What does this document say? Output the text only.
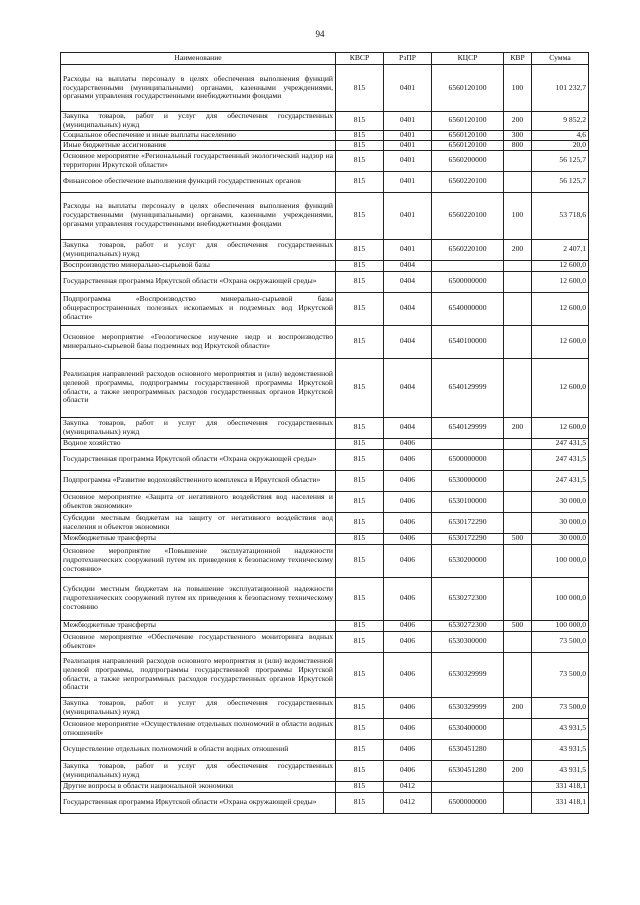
94
Наименование	КВСР	РзПР	КЦСР	КВР	Сумма
Расходы на выплаты персоналу в целях обеспечения выполнения функций государственными (муниципальными) органами, казенными учреждениями, органами управления государственными внебюджетными фондами	815	0401	6560120100	100	101 232,7
Закупка товаров, работ и услуг для обеспечения государственных (муниципальных) нужд	815	0401	6560120100	200	9 852,2
Социальное обеспечение и иные выплаты населению	815	0401	6560120100	300	4,6
Иные бюджетные ассигнования	815	0401	6560120100	800	20,0
Основное мероприятие «Региональный государственный экологический надзор на территории Иркутской области»	815	0401	6560200000		56 125,7
Финансовое обеспечение выполнения функций государственных органов	815	0401	6560220100		56 125,7
Расходы на выплаты персоналу в целях обеспечения выполнения функций государственными (муниципальными) органами, казенными учреждениями, органами управления государственными внебюджетными фондами	815	0401	6560220100	100	53 718,6
Закупка товаров, работ и услуг для обеспечения государственных (муниципальных) нужд	815	0401	6560220100	200	2 407,1
Воспроизводство минерально-сырьевой базы	815	0404			12 600,0
Государственная программа Иркутской области «Охрана окружающей среды»	815	0404	6500000000		12 600,0
Подпрограмма «Воспроизводство минерально-сырьевой базы общераспространенных полезных ископаемых и подземных вод Иркутской области»	815	0404	6540000000		12 600,0
Основное мероприятие «Геологическое изучение недр и воспроизводство минерально-сырьевой базы подземных вод Иркутской области»	815	0404	6540100000		12 600,0
Реализация направлений расходов основного мероприятия и (или) ведомственной целевой программы, подпрограммы государственной программы Иркутской области, а также непрограммных расходов государственных органов Иркутской области	815	0404	6540129999		12 600,0
Закупка товаров, работ и услуг для обеспечения государственных (муниципальных) нужд	815	0404	6540129999	200	12 600,0
Водное хозяйство	815	0406			247 431,5
Государственная программа Иркутской области «Охрана окружающей среды»	815	0406	6500000000		247 431,5
Подпрограмма «Развитие водохозяйственного комплекса в Иркутской области»	815	0406	6530000000		247 431,5
Основное мероприятие «Защита от негативного воздействия вод населения и объектов экономики»	815	0406	6530100000		30 000,0
Субсидии местным бюджетам на защиту от негативного воздействия вод населения и объектов экономики	815	0406	6530172290		30 000,0
Межбюджетные трансферты	815	0406	6530172290	500	30 000,0
Основное мероприятие «Повышение эксплуатационной надежности гидротехнических сооружений путем их приведения к безопасному техническому состоянию»	815	0406	6530200000		100 000,0
Субсидии местным бюджетам на повышение эксплуатационной надежности гидротехнических сооружений путем их приведения к безопасному техническому состоянию	815	0406	6530272300		100 000,0
Межбюджетные трансферты	815	0406	6530272300	500	100 000,0
Основное мероприятие «Обеспечение государственного мониторинга водных объектов»	815	0406	6530300000		73 500,0
Реализация направлений расходов основного мероприятия и (или) ведомственной целевой программы, подпрограммы государственной программы Иркутской области, а также непрограммных расходов государственных органов Иркутской области	815	0406	6530329999		73 500,0
Закупка товаров, работ и услуг для обеспечения государственных (муниципальных) нужд	815	0406	6530329999	200	73 500,0
Основное мероприятие «Осуществление отдельных полномочий в области водных отношений»	815	0406	6530400000		43 931,5
Осуществление отдельных полномочий в области водных отношений	815	0406	6530451280		43 931,5
Закупка товаров, работ и услуг для обеспечения государственных (муниципальных) нужд	815	0406	6530451280	200	43 931,5
Другие вопросы в области национальной экономики	815	0412			331 418,1
Государственная программа Иркутской области «Охрана окружающей среды»	815	0412	6500000000		331 418,1
